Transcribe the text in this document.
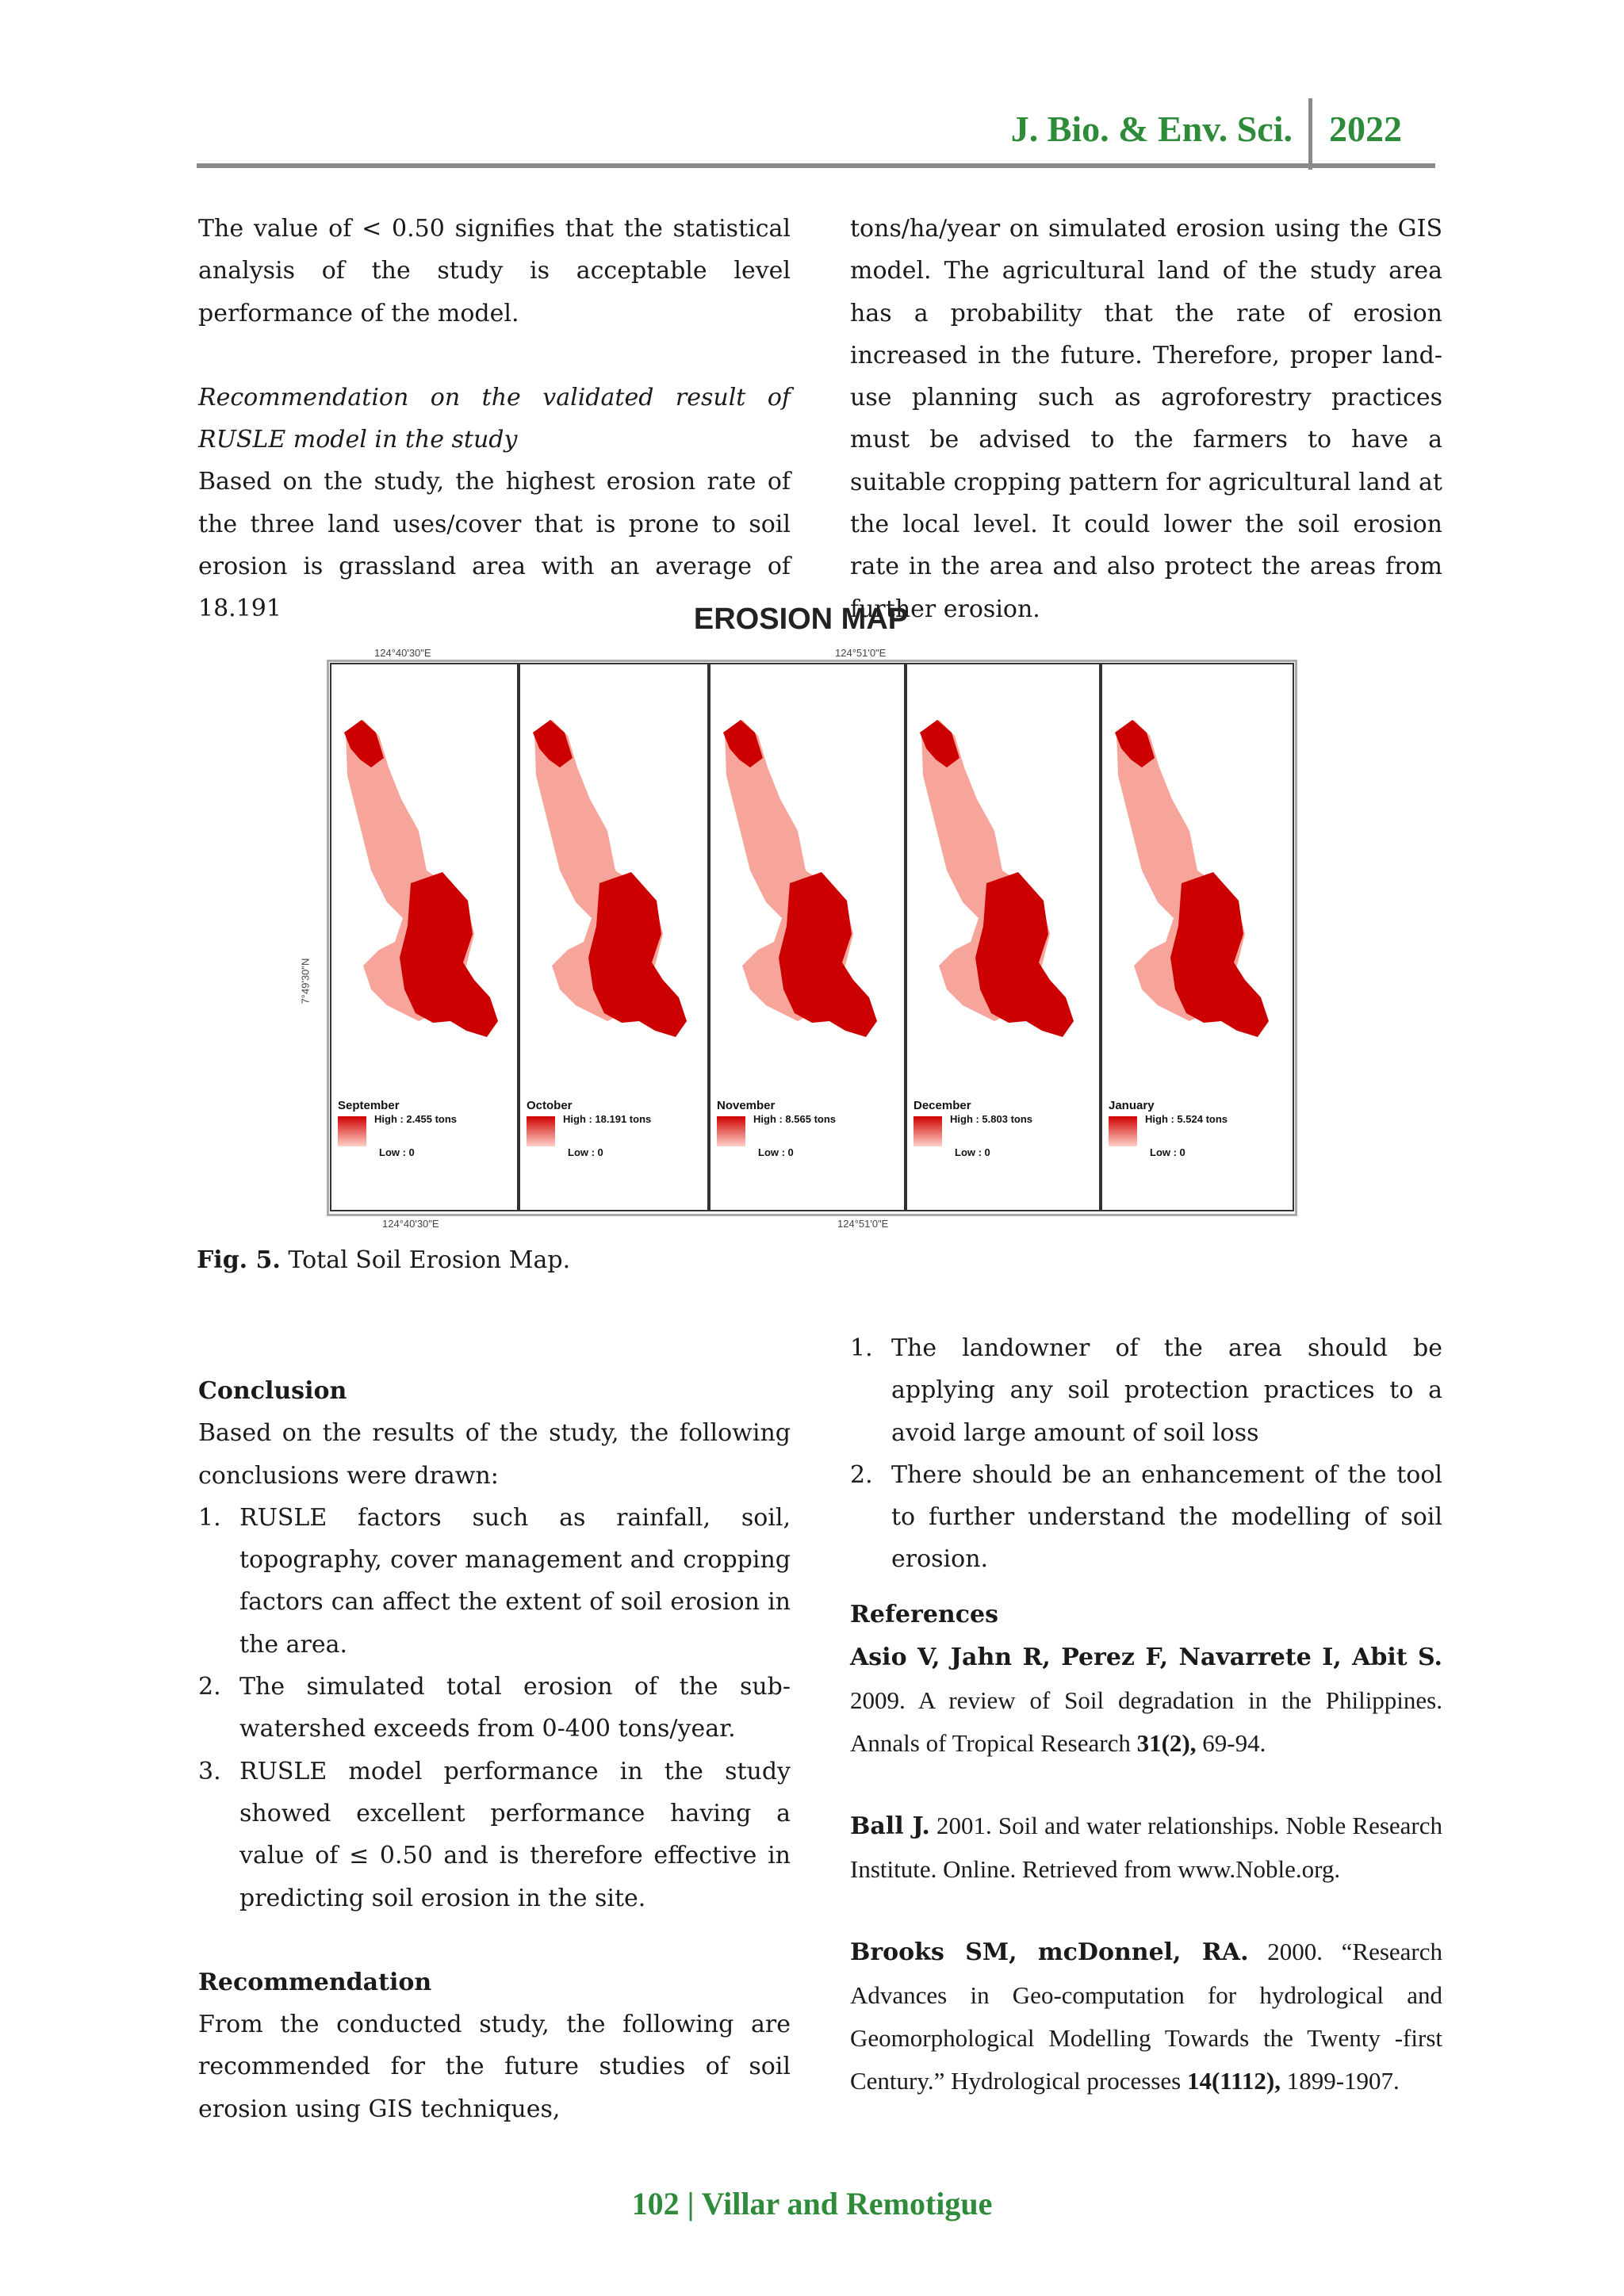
J. Bio. & Env. Sci. 2022

The value of < 0.50 signifies that the statistical analysis of the study is acceptable level performance of the model.

Recommendation on the validated result of RUSLE model in the study

Based on the study, the highest erosion rate of the three land uses/cover that is prone to soil erosion is grassland area with an average of 18.191

tons/ha/year on simulated erosion using the GIS model. The agricultural land of the study area has a probability that the rate of erosion increased in the future. Therefore, proper land-use planning such as agroforestry practices must be advised to the farmers to have a suitable cropping pattern for agricultural land at the local level. It could lower the soil erosion rate in the area and also protect the areas from further erosion.

EROSION MAP
124°40'30"E	124°51'0"E
124°40'30"E	124°51'0"E
7°49'30"N
September
High : 2.455 tons
Low : 0
October
High : 18.191 tons
Low : 0
November
High : 8.565 tons
Low : 0
December
High : 5.803 tons
Low : 0
January
High : 5.524 tons
Low : 0
Fig. 5. Total Soil Erosion Map.

Conclusion

Based on the results of the study, the following conclusions were drawn:

1. RUSLE factors such as rainfall, soil, topography, cover management and cropping factors can affect the extent of soil erosion in the area.
2. The simulated total erosion of the sub-watershed exceeds from 0-400 tons/year.
3. RUSLE model performance in the study showed excellent performance having a value of ≤ 0.50 and is therefore effective in predicting soil erosion in the site.

Recommendation

From the conducted study, the following are recommended for the future studies of soil erosion using GIS techniques,

1. The landowner of the area should be applying any soil protection practices to a avoid large amount of soil loss
2. There should be an enhancement of the tool to further understand the modelling of soil erosion.

References

Asio V, Jahn R, Perez F, Navarrete I, Abit S. 2009. A review of Soil degradation in the Philippines. Annals of Tropical Research 31(2), 69-94.

Ball J. 2001. Soil and water relationships. Noble Research Institute. Online. Retrieved from www.Noble.org.

Brooks SM, mcDonnel, RA. 2000. “Research Advances in Geo-computation for hydrological and Geomorphological Modelling Towards the Twenty -first Century.” Hydrological processes 14(1112), 1899-1907.

102 | Villar and Remotigue
